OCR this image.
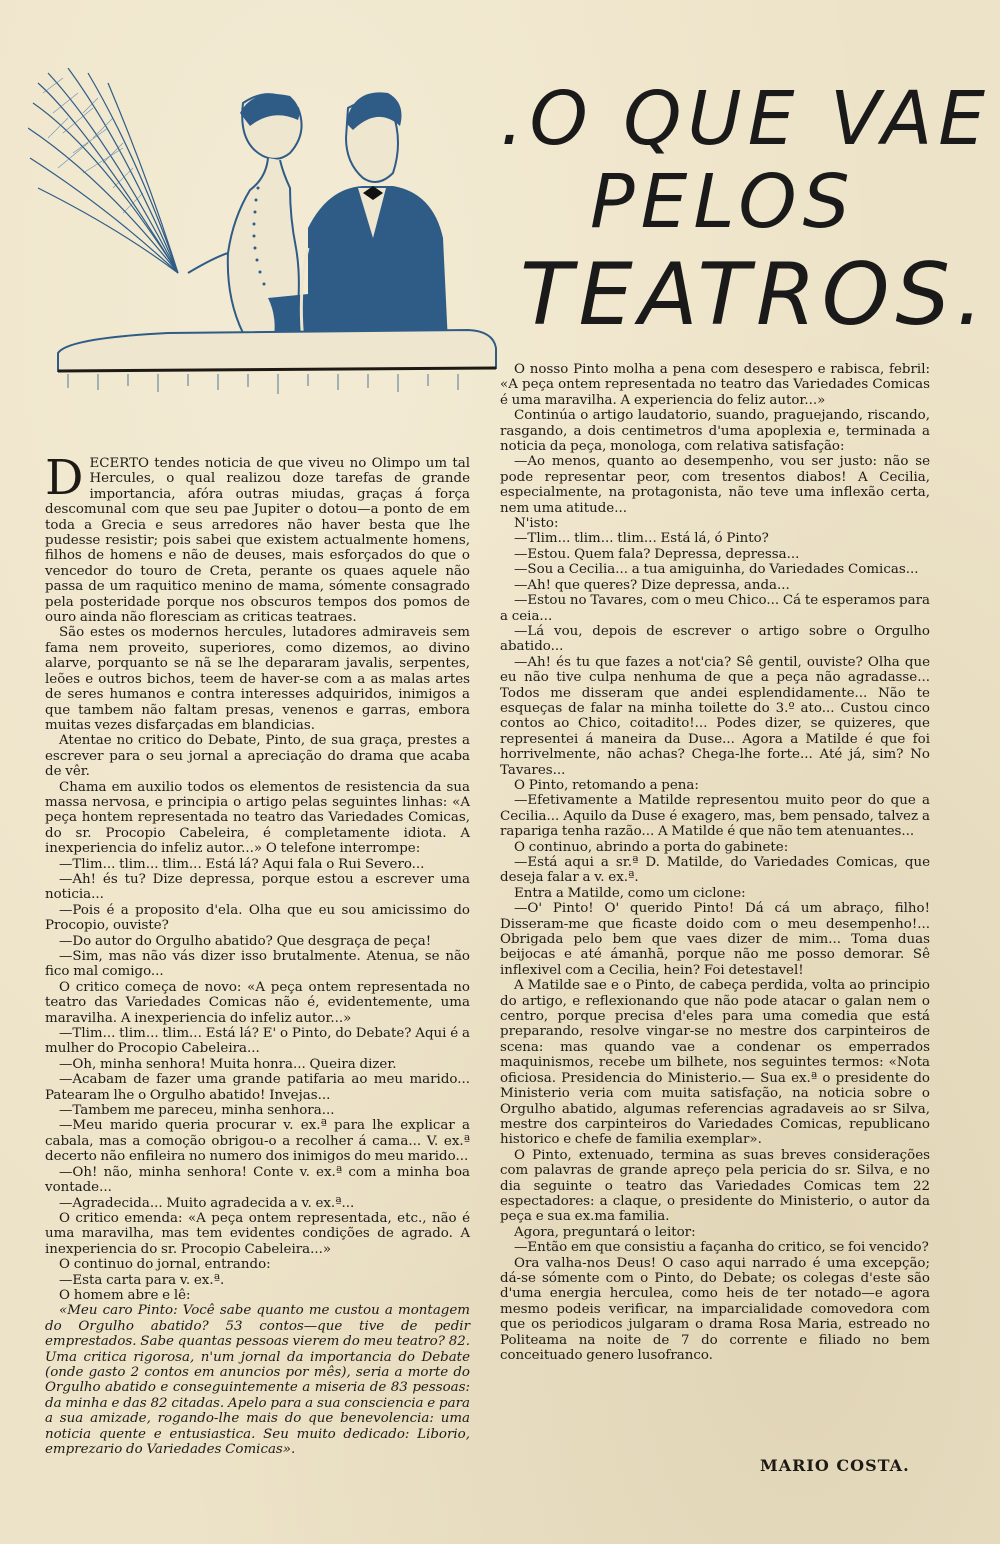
.O QUE VAE
PELOS
TEATROS.

DECERTO tendes noticia de que viveu no Olimpo um tal Hercules, o qual realizou doze tarefas de grande importancia, afóra outras miudas, graças á força descomunal com que seu pae Jupiter o dotou—a ponto de em toda a Grecia e seus arredores não haver besta que lhe pudesse resistir; pois sabei que existem actualmente homens, filhos de homens e não de deuses, mais esforçados do que o vencedor do touro de Creta, perante os quaes aquele não passa de um raquitico menino de mama, sómente consagrado pela posteridade porque nos obscuros tempos dos pomos de ouro ainda não floresciam as criticas teatraes.

São estes os modernos hercules, lutadores admiraveis sem fama nem proveito, superiores, como dizemos, ao divino alarve, porquanto se nã se lhe depararam javalis, serpentes, leões e outros bichos, teem de haver-se com a as malas artes de seres humanos e contra interesses adquiridos, inimigos a que tambem não faltam presas, venenos e garras, embora muitas vezes disfarçadas em blandicias.

Atentae no critico do Debate, Pinto, de sua graça, prestes a escrever para o seu jornal a apreciação do drama que acaba de vêr.

Chama em auxilio todos os elementos de resistencia da sua massa nervosa, e principia o artigo pelas seguintes linhas: «A peça hontem representada no teatro das Variedades Comicas, do sr. Procopio Cabeleira, é completamente idiota. A inexperiencia do infeliz autor...» O telefone interrompe:

—Tlim... tlim... tlim... Está lá? Aqui fala o Rui Severo...

—Ah! és tu? Dize depressa, porque estou a escrever uma noticia...

—Pois é a proposito d'ela. Olha que eu sou amicissimo do Procopio, ouviste?

—Do autor do Orgulho abatido? Que desgraça de peça!

—Sim, mas não vás dizer isso brutalmente. Atenua, se não fico mal comigo...

O critico começa de novo: «A peça ontem representada no teatro das Variedades Comicas não é, evidentemente, uma maravilha. A inexperiencia do infeliz autor...»

—Tlim... tlim... tlim... Está lá? E' o Pinto, do Debate? Aqui é a mulher do Procopio Cabeleira...

—Oh, minha senhora! Muita honra... Queira dizer.

—Acabam de fazer uma grande patifaria ao meu marido... Patearam lhe o Orgulho abatido! Invejas...

—Tambem me pareceu, minha senhora...

—Meu marido queria procurar v. ex.ª para lhe explicar a cabala, mas a comoção obrigou-o a recolher á cama... V. ex.ª decerto não enfileira no numero dos inimigos do meu marido...

—Oh! não, minha senhora! Conte v. ex.ª com a minha boa vontade...

—Agradecida... Muito agradecida a v. ex.ª...

O critico emenda: «A peça ontem representada, etc., não é uma maravilha, mas tem evidentes condições de agrado. A inexperiencia do sr. Procopio Cabeleira...»

O continuo do jornal, entrando:

—Esta carta para v. ex.ª.

O homem abre e lê:

«Meu caro Pinto: Você sabe quanto me custou a montagem do Orgulho abatido? 53 contos—que tive de pedir emprestados. Sabe quantas pessoas vierem do meu teatro? 82. Uma critica rigorosa, n'um jornal da importancia do Debate (onde gasto 2 contos em anuncios por mês), seria a morte do Orgulho abatido e conseguintemente a miseria de 83 pessoas: da minha e das 82 citadas. Apelo para a sua consciencia e para a sua amizade, rogando-lhe mais do que benevolencia: uma noticia quente e entusiastica. Seu muito dedicado: Liborio, emprezario do Variedades Comicas».

O nosso Pinto molha a pena com desespero e rabisca, febril: «A peça ontem representada no teatro das Variedades Comicas é uma maravilha. A experiencia do feliz autor...»

Continúa o artigo laudatorio, suando, praguejando, riscando, rasgando, a dois centimetros d'uma apoplexia e, terminada a noticia da peça, monologa, com relativa satisfação:

—Ao menos, quanto ao desempenho, vou ser justo: não se pode representar peor, com tresentos diabos! A Cecilia, especialmente, na protagonista, não teve uma inflexão certa, nem uma atitude...

N'isto:

—Tlim... tlim... tlim... Está lá, ó Pinto?

—Estou. Quem fala? Depressa, depressa...

—Sou a Cecilia... a tua amiguinha, do Variedades Comicas...

—Ah! que queres? Dize depressa, anda...

—Estou no Tavares, com o meu Chico... Cá te esperamos para a ceia...

—Lá vou, depois de escrever o artigo sobre o Orgulho abatido...

—Ah! és tu que fazes a not'cia? Sê gentil, ouviste? Olha que eu não tive culpa nenhuma de que a peça não agradasse... Todos me disseram que andei esplendidamente... Não te esqueças de falar na minha toilette do 3.º ato... Custou cinco contos ao Chico, coitadito!... Podes dizer, se quizeres, que representei á maneira da Duse... Agora a Matilde é que foi horrivelmente, não achas? Chega-lhe forte... Até já, sim? No Tavares...

O Pinto, retomando a pena:

—Efetivamente a Matilde representou muito peor do que a Cecilia... Aquilo da Duse é exagero, mas, bem pensado, talvez a rapariga tenha razão... A Matilde é que não tem atenuantes...

O continuo, abrindo a porta do gabinete:

—Está aqui a sr.ª D. Matilde, do Variedades Comicas, que deseja falar a v. ex.ª.

Entra a Matilde, como um ciclone:

—O' Pinto! O' querido Pinto! Dá cá um abraço, filho! Disseram-me que ficaste doido com o meu desempenho!... Obrigada pelo bem que vaes dizer de mim... Toma duas beijocas e até ámanhã, porque não me posso demorar. Sê inflexivel com a Cecilia, hein? Foi detestavel!

A Matilde sae e o Pinto, de cabeça perdida, volta ao principio do artigo, e reflexionando que não pode atacar o galan nem o centro, porque precisa d'eles para uma comedia que está preparando, resolve vingar-se no mestre dos carpinteiros de scena: mas quando vae a condenar os emperrados maquinismos, recebe um bilhete, nos seguintes termos: «Nota oficiosa. Presidencia do Ministerio.— Sua ex.ª o presidente do Ministerio veria com muita satisfação, na noticia sobre o Orgulho abatido, algumas referencias agradaveis ao sr Silva, mestre dos carpinteiros do Variedades Comicas, republicano historico e chefe de familia exemplar».

O Pinto, extenuado, termina as suas breves considerações com palavras de grande apreço pela pericia do sr. Silva, e no dia seguinte o teatro das Variedades Comicas tem 22 espectadores: a claque, o presidente do Ministerio, o autor da peça e sua ex.ma familia.

Agora, preguntará o leitor:

—Então em que consistiu a façanha do critico, se foi vencido?

Ora valha-nos Deus! O caso aqui narrado é uma excepção; dá-se sómente com o Pinto, do Debate; os colegas d'este são d'uma energia herculea, como heis de ter notado—e agora mesmo podeis verificar, na imparcialidade comovedora com que os periodicos julgaram o drama Rosa Maria, estreado no Politeama na noite de 7 do corrente e filiado no bem conceituado genero lusofranco.

MARIO COSTA.
